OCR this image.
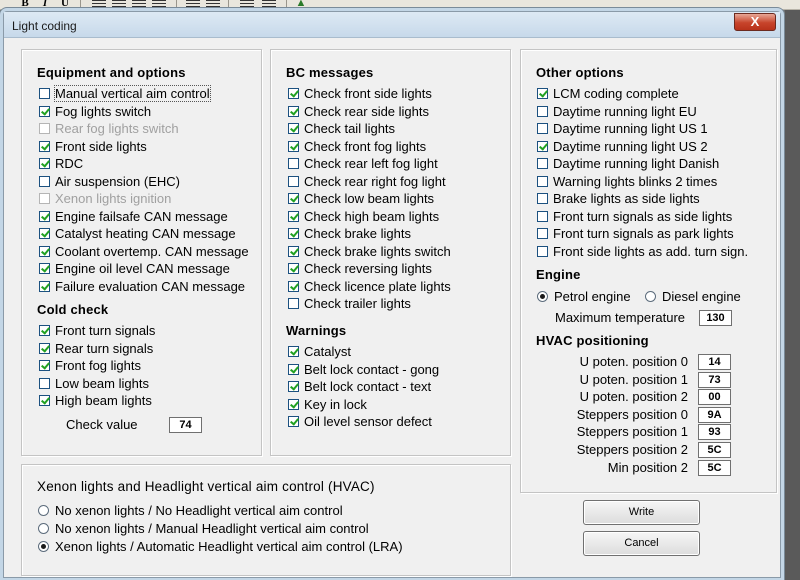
B	I	U	▲
Light coding	X
Equipment and options
Manual vertical aim control
Fog lights switch
Rear fog lights switch
Front side lights
RDC
Air suspension (EHC)
Xenon lights ignition
Engine failsafe CAN message
Catalyst heating CAN message
Coolant overtemp. CAN message
Engine oil level CAN message
Failure evaluation CAN message
Cold check
Front turn signals
Rear turn signals
Front fog lights
Low beam lights
High beam lights
Check value	74
BC messages
Check front side lights
Check rear side lights
Check tail lights
Check front fog lights
Check rear left fog light
Check rear right fog light
Check low beam lights
Check high beam lights
Check brake lights
Check brake lights switch
Check reversing lights
Check licence plate lights
Check trailer lights
Warnings
Catalyst
Belt lock contact - gong
Belt lock contact - text
Key in lock
Oil level sensor defect
Other options
LCM coding complete
Daytime running light EU
Daytime running light US 1
Daytime running light US 2
Daytime running light Danish
Warning lights blinks 2 times
Brake lights as side lights
Front turn signals as side lights
Front turn signals as park lights
Front side lights as add. turn sign.
Engine
Petrol engine Diesel engine
Maximum temperature	130
HVAC positioning
U poten. position 0	14
U poten. position 1	73
U poten. position 2	00
Steppers position 0	9A
Steppers position 1	93
Steppers position 2	5C
Min position 2	5C
Xenon lights and Headlight vertical aim control (HVAC)
No xenon lights / No Headlight vertical aim control
No xenon lights / Manual Headlight vertical aim control
Xenon lights / Automatic Headlight vertical aim control (LRA)
Write
Cancel
